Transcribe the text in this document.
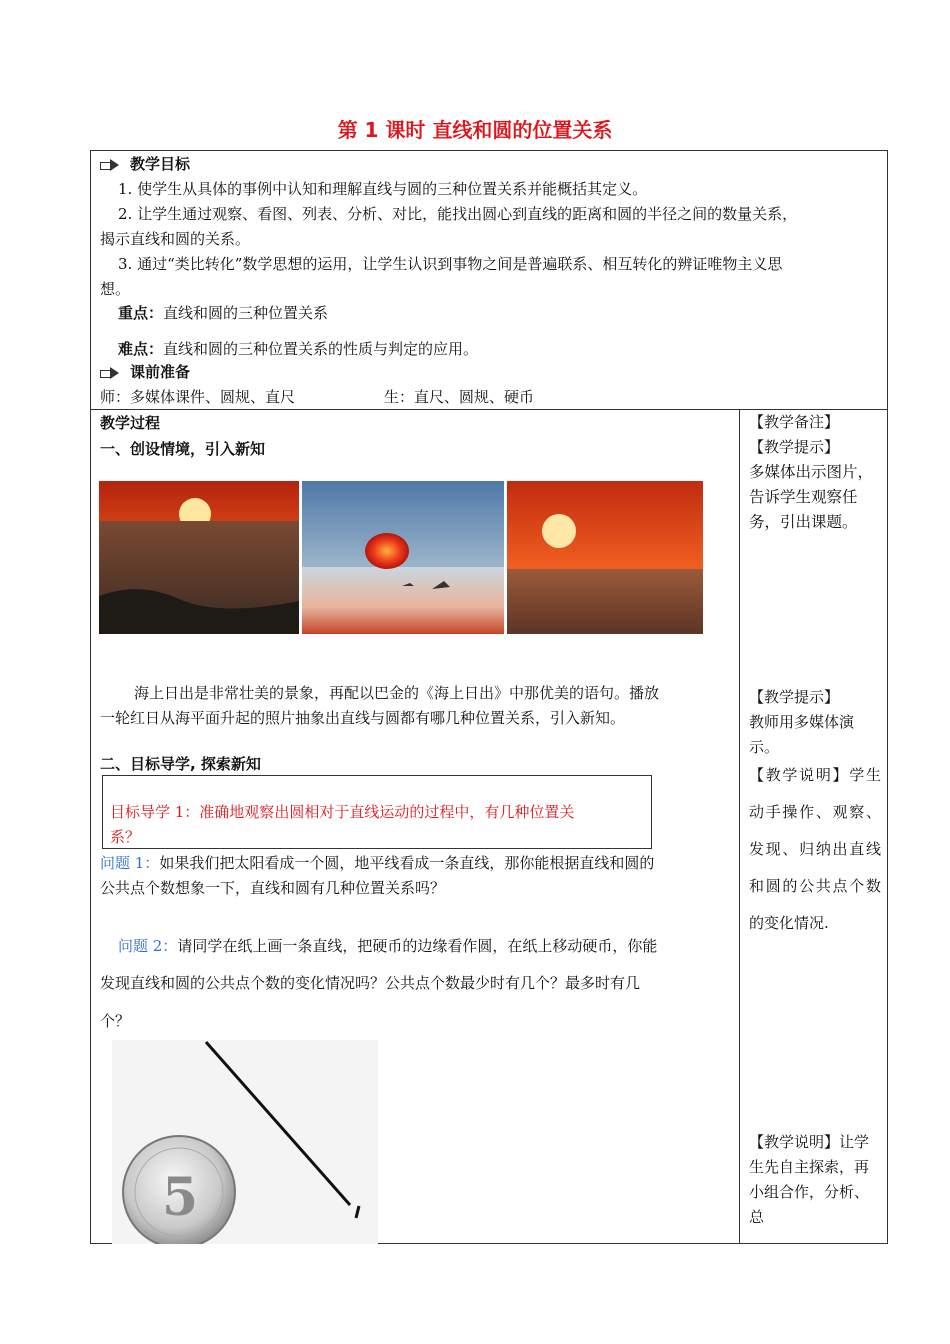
第 1 课时 直线和圆的位置关系
教学目标
1. 使学生从具体的事例中认知和理解直线与圆的三种位置关系并能概括其定义。
2. 让学生通过观察、看图、列表、分析、对比，能找出圆心到直线的距离和圆的半径之间的数量关系，
揭示直线和圆的关系。
3. 通过“类比转化”数学思想的运用，让学生认识到事物之间是普遍联系、相互转化的辨证唯物主义思
想。
重点：直线和圆的三种位置关系
难点：直线和圆的三种位置关系的性质与判定的应用。
课前准备
师：多媒体课件、圆规、直尺	生：直尺、圆规、硬币
教学过程
一、创设情境，引入新知
海上日出是非常壮美的景象，再配以巴金的《海上日出》中那优美的语句。播放
一轮红日从海平面升起的照片抽象出直线与圆都有哪几种位置关系，引入新知。
二、目标导学, 探索新知
目标导学 1：准确地观察出圆相对于直线运动的过程中，有几种位置关
系？
问题 1：如果我们把太阳看成一个圆，地平线看成一条直线，那你能根据直线和圆的
公共点个数想象一下，直线和圆有几种位置关系吗？
问题 2：请同学在纸上画一条直线，把硬币的边缘看作圆，在纸上移动硬币，你能
发现直线和圆的公共点个数的变化情况吗？公共点个数最少时有几个？最多时有几
个？
5
【教学备注】
【教学提示】
多媒体出示图片，告诉学生观察任务，引出课题。
【教学提示】
教师用多媒体演示。
【教学说明】学生动手操作、观察、发现、归纳出直线和圆的公共点个数的变化情况.
【教学说明】让学生先自主探索，再小组合作，分析、总
